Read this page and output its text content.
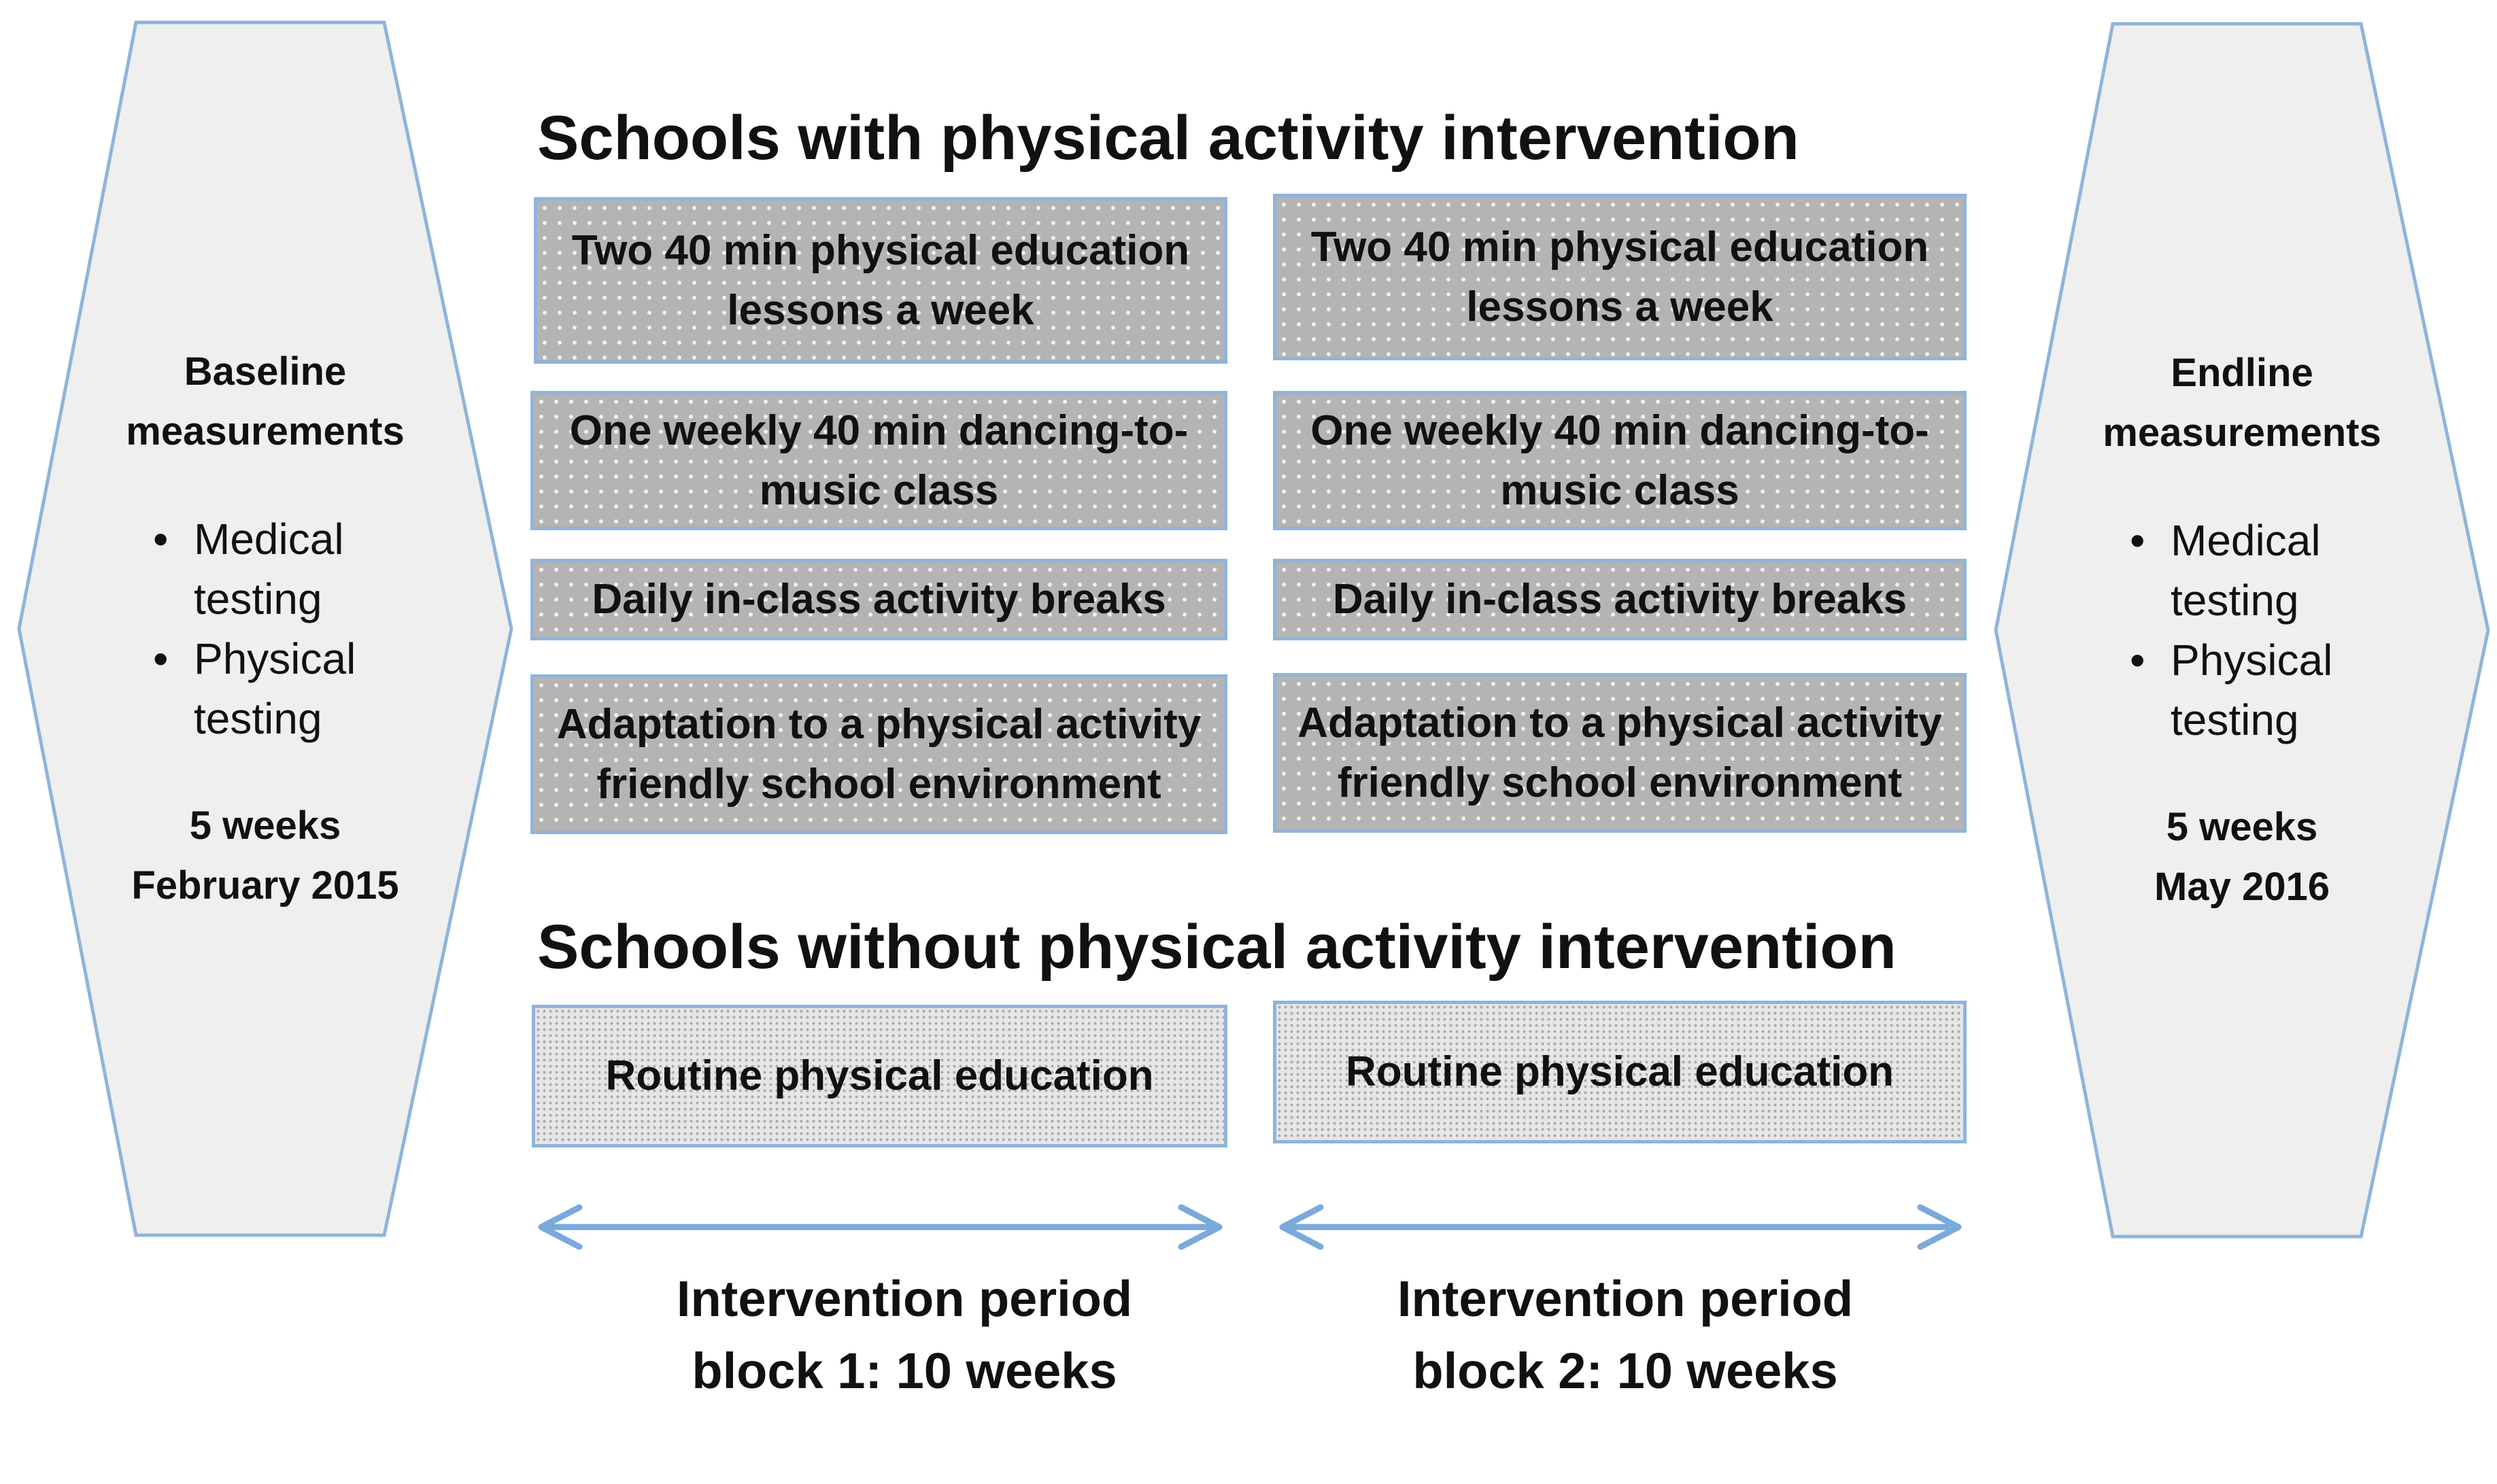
Baseline measurements
• Medical testing
• Physical testing
5 weeks
February 2015
Endline measurements
• Medical testing
• Physical testing
5 weeks
May 2016
Schools with physical activity intervention
Two 40 min physical education lessons a week
One weekly 40 min dancing-to-music class
Daily in-class activity breaks
Adaptation to a physical activity friendly school environment
Two 40 min physical education lessons a week
One weekly 40 min dancing-to-music class
Daily in-class activity breaks
Adaptation to a physical activity friendly school environment
Schools without physical activity intervention
Routine physical education	Routine physical education
Intervention period block 1: 10 weeks
Intervention period block 2: 10 weeks
